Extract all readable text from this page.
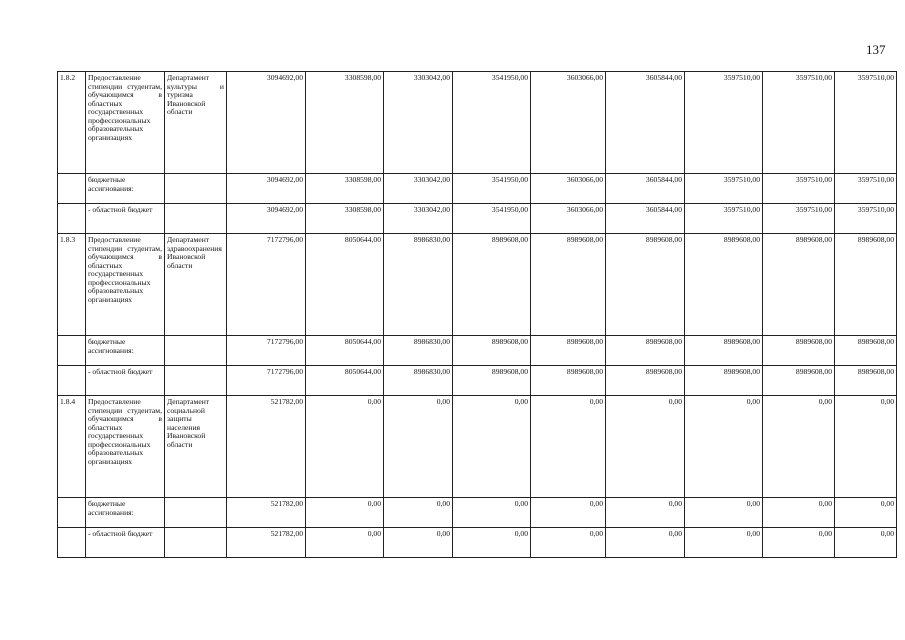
137
1.8.2	Предоставление стипендии студентам, обучающимся в областных государственных профессиональных образовательных организациях	Департамент культуры и туризма Ивановской области	3094692,00	3308598,00	3303042,00	3541950,00	3603066,00	3605844,00	3597510,00	3597510,00	3597510,00
	бюджетные ассигнования:		3094692,00	3308598,00	3303042,00	3541950,00	3603066,00	3605844,00	3597510,00	3597510,00	3597510,00
	- областной бюджет		3094692,00	3308598,00	3303042,00	3541950,00	3603066,00	3605844,00	3597510,00	3597510,00	3597510,00
1.8.3	Предоставление стипендии студентам, обучающимся в областных государственных профессиональных образовательных организациях	Департамент здравоохранения Ивановской области	7172796,00	8050644,00	8986830,00	8989608,00	8989608,00	8989608,00	8989608,00	8989608,00	8989608,00
	бюджетные ассигнования:		7172796,00	8050644,00	8986830,00	8989608,00	8989608,00	8989608,00	8989608,00	8989608,00	8989608,00
	- областной бюджет		7172796,00	8050644,00	8986830,00	8989608,00	8989608,00	8989608,00	8989608,00	8989608,00	8989608,00
1.8.4	Предоставление стипендии студентам, обучающимся в областных государственных профессиональных образовательных организациях	Департамент социальной защиты населения Ивановской области	521782,00	0,00	0,00	0,00	0,00	0,00	0,00	0,00	0,00
	бюджетные ассигнования:		521782,00	0,00	0,00	0,00	0,00	0,00	0,00	0,00	0,00
	- областной бюджет		521782,00	0,00	0,00	0,00	0,00	0,00	0,00	0,00	0,00
